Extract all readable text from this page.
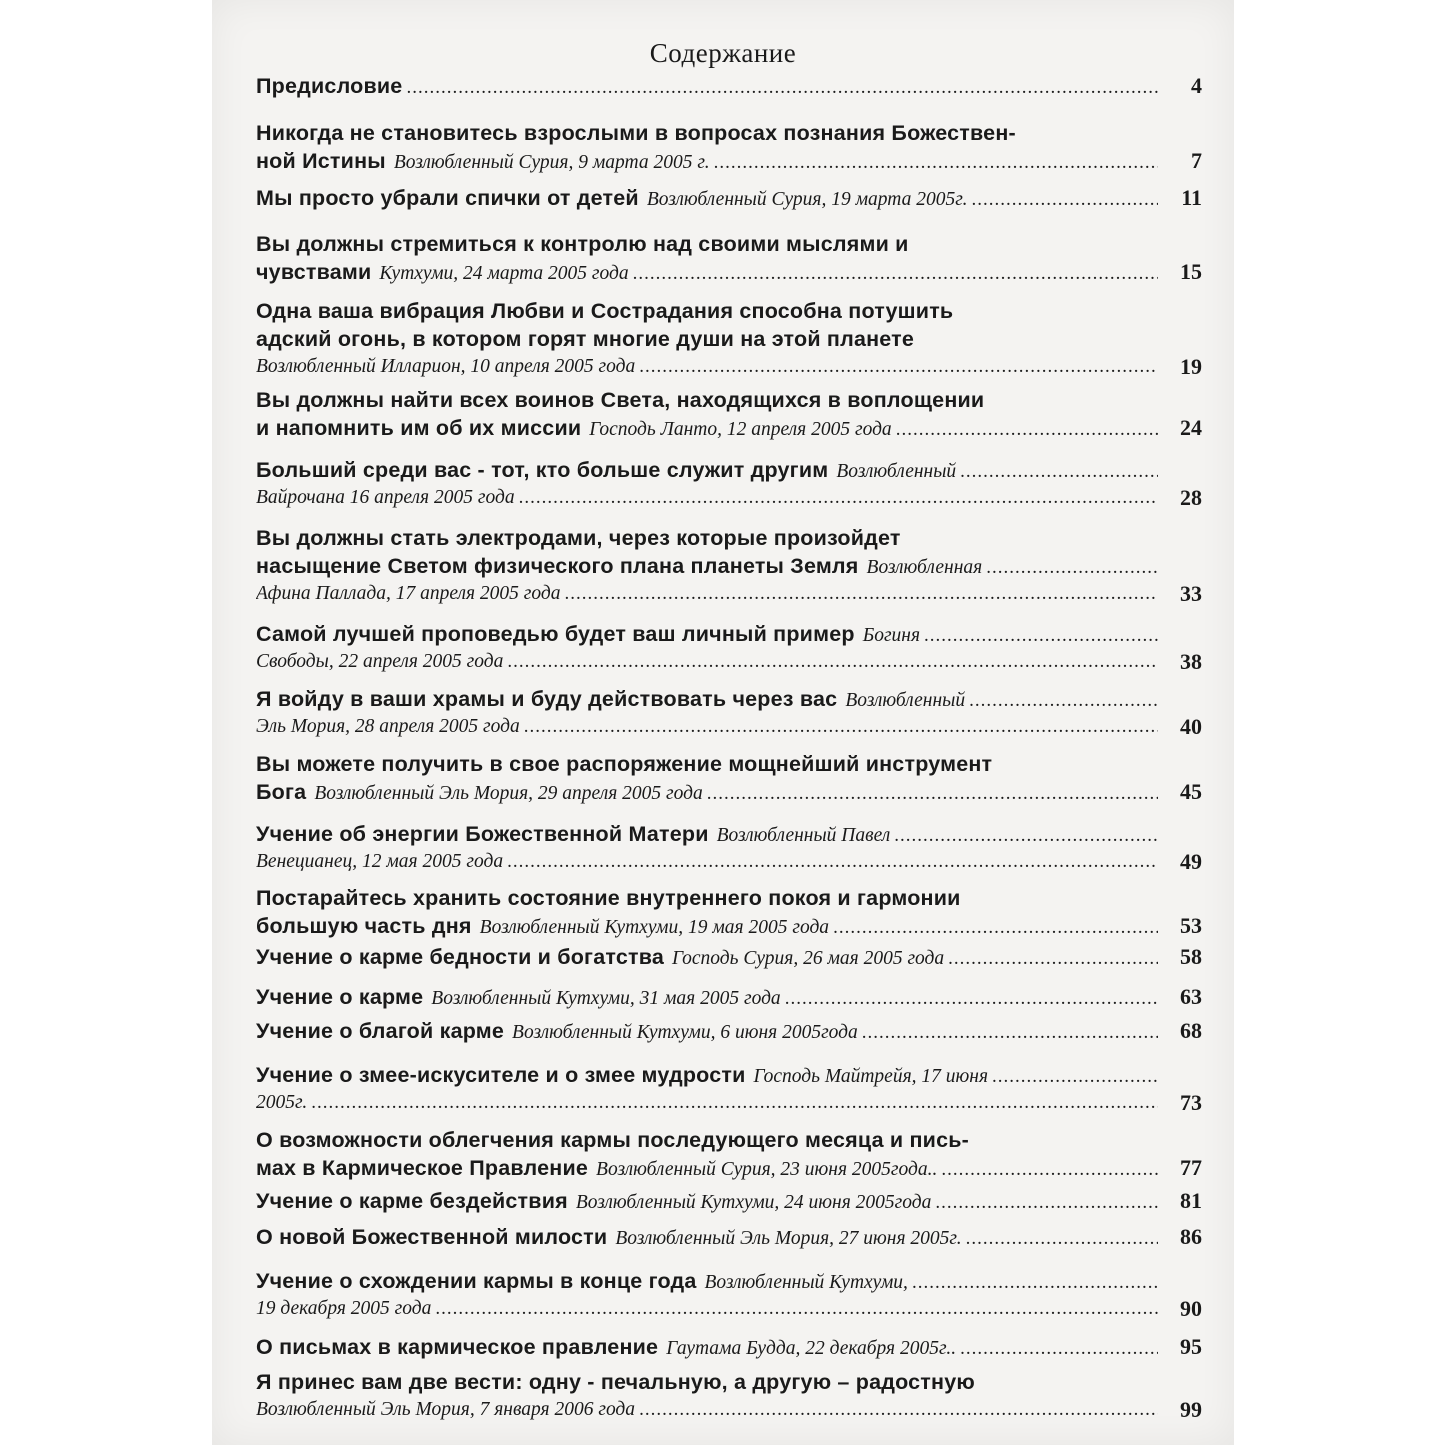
Содержание
Предисловие .....	4
Никогда не становитесь взрослыми в вопросах познания Божествен-
ной Истины Возлюбленный Сурия, 9 марта 2005 г. .....	7
Мы просто убрали спички от детей Возлюбленный Сурия, 19 марта 2005г. .....	11
Вы должны стремиться к контролю над своими мыслями и
чувствами Кутхуми, 24 марта 2005 года .....	15
Одна ваша вибрация Любви и Сострадания способна потушить
адский огонь, в котором горят многие души на этой планете
Возлюбленный Илларион, 10 апреля 2005 года .....	19
Вы должны найти всех воинов Света, находящихся в воплощении
и напомнить им об их миссии Господь Ланто, 12 апреля 2005 года .....	24
Больший среди вас - тот, кто больше служит другим Возлюбленный
.....
Вайрочана 16 апреля 2005 года .....	28
Вы должны стать электродами, через которые произойдет
насыщение Светом физического плана планеты Земля Возлюбленная
.....
Афина Паллада, 17 апреля 2005 года .....	33
Самой лучшей проповедью будет ваш личный пример Богиня
.....
Свободы, 22 апреля 2005 года .....	38
Я войду в ваши храмы и буду действовать через вас Возлюбленный
.....
Эль Мория, 28 апреля 2005 года .....	40
Вы можете получить в свое распоряжение мощнейший инструмент
Бога Возлюбленный Эль Мория, 29 апреля 2005 года .....	45
Учение об энергии Божественной Матери Возлюбленный Павел
.....
Венецианец, 12 мая 2005 года .....	49
Постарайтесь хранить состояние внутреннего покоя и гармонии
большую часть дня Возлюбленный Кутхуми, 19 мая 2005 года .....	53
Учение о карме бедности и богатства Господь Сурия, 26 мая 2005 года .....	58
Учение о карме Возлюбленный Кутхуми, 31 мая 2005 года .....	63
Учение о благой карме Возлюбленный Кутхуми, 6 июня 2005года .....	68
Учение о змее-искусителе и о змее мудрости Господь Майтрейя, 17 июня
.....
2005г. .....	73
О возможности облегчения кармы последующего месяца и пись-
мах в Кармическое Правление Возлюбленный Сурия, 23 июня 2005года.. .....	77
Учение о карме бездействия Возлюбленный Кутхуми, 24 июня 2005года .....	81
О новой Божественной милости Возлюбленный Эль Мория, 27 июня 2005г. .....	86
Учение о схождении кармы в конце года Возлюбленный Кутхуми,
.....
19 декабря 2005 года .....	90
О письмах в кармическое правление Гаутама Будда, 22 декабря 2005г.. .....	95
Я принес вам две вести: одну - печальную, а другую – радостную
Возлюбленный Эль Мория, 7 января 2006 года .....	99
